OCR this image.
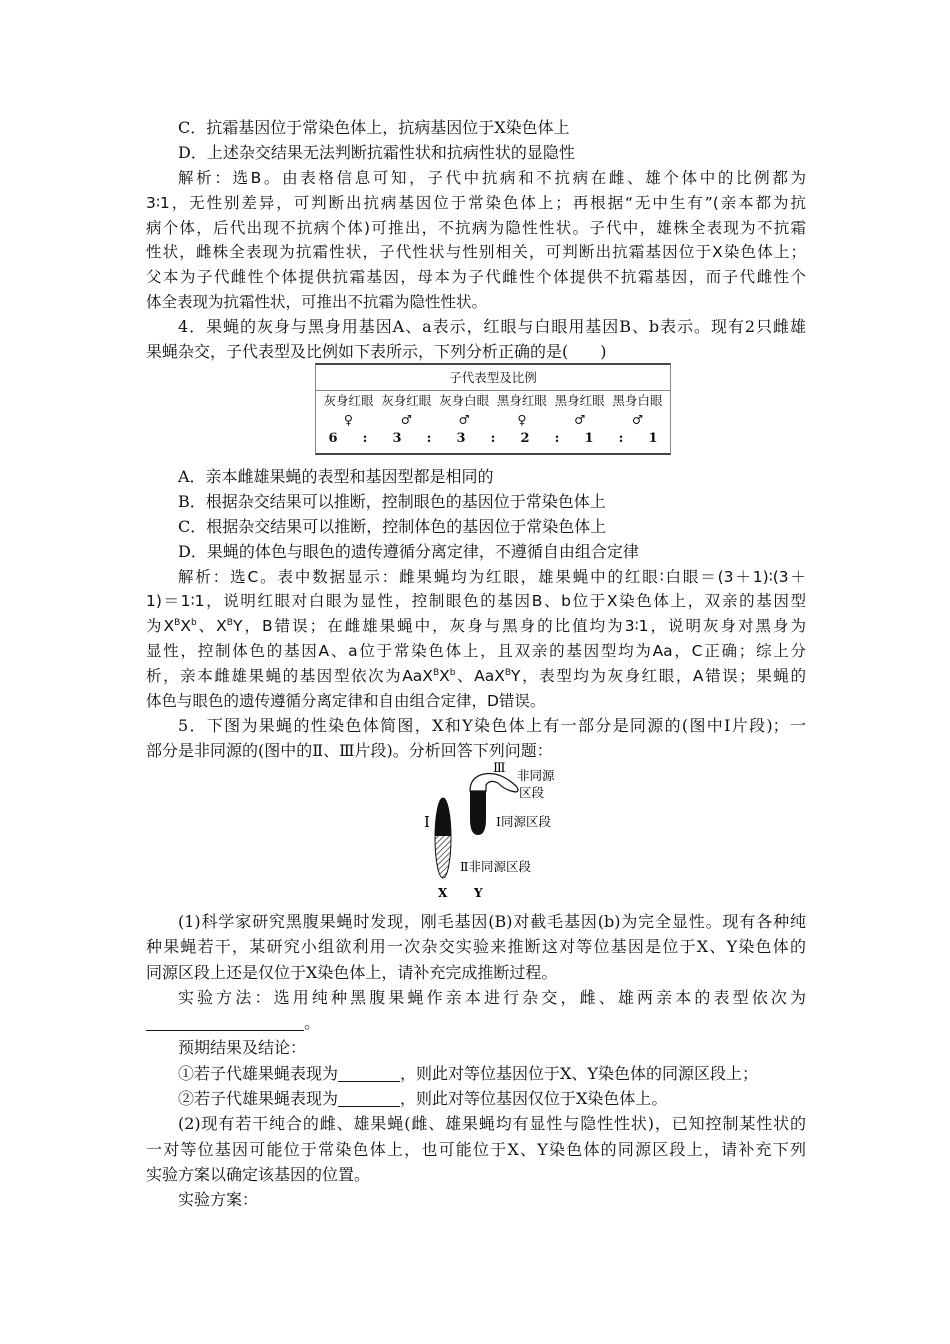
C．抗霜基因位于常染色体上，抗病基因位于X染色体上
D．上述杂交结果无法判断抗霜性状和抗病性状的显隐性
解析：选B。由表格信息可知，子代中抗病和不抗病在雌、雄个体中的比例都为
3∶1，无性别差异，可判断出抗病基因位于常染色体上；再根据“无中生有”(亲本都为抗
病个体，后代出现不抗病个体)可推出，不抗病为隐性性状。子代中，雄株全表现为不抗霜
性状，雌株全表现为抗霜性状，子代性状与性别相关，可判断出抗霜基因位于X染色体上；
父本为子代雌性个体提供抗霜基因，母本为子代雌性个体提供不抗霜基因，而子代雌性个
体全表现为抗霜性状，可推出不抗霜为隐性性状。
4．果蝇的灰身与黑身用基因A、a表示，红眼与白眼用基因B、b表示。现有2只雌雄
果蝇杂交，子代表型及比例如下表所示，下列分析正确的是(　　)
子代表型及比例
灰身红眼 灰身红眼 灰身白眼 黑身红眼 黑身红眼 黑身白眼
♀	♂	♂	♀	♂	♂
6	:	3	:	3	:	2	:	1	:	1
A．亲本雌雄果蝇的表型和基因型都是相同的
B．根据杂交结果可以推断，控制眼色的基因位于常染色体上
C．根据杂交结果可以推断，控制体色的基因位于常染色体上
D．果蝇的体色与眼色的遗传遵循分离定律，不遵循自由组合定律
解析：选C。表中数据显示：雌果蝇均为红眼，雄果蝇中的红眼∶白眼＝(3＋1)∶(3＋
1)＝1∶1，说明红眼对白眼为显性，控制眼色的基因B、b位于X染色体上，双亲的基因型
为$X^BX^b$、$X^BY$，B错误；在雌雄果蝇中，灰身与黑身的比值均为3∶1，说明灰身对黑身为
显性，控制体色的基因A、a位于常染色体上，且双亲的基因型均为Aa，C正确；综上分
析，亲本雌雄果蝇的基因型依次为$AaX^BX^b$、AaX$^B$Y，表型均为灰身红眼，A错误；果蝇的
体色与眼色的遗传遵循分离定律和自由组合定律，D错误。
5．下图为果蝇的性染色体简图，X和Y染色体上有一部分是同源的(图中Ⅰ片段)；一
部分是非同源的(图中的Ⅱ、Ⅲ片段)。分析回答下列问题：
Ⅰ
Ⅲ 非同源
区段
Ⅰ同源区段
Ⅱ非同源区段
X Y
(1)科学家研究黑腹果蝇时发现，刚毛基因(B)对截毛基因(b)为完全显性。现有各种纯
种果蝇若干，某研究小组欲利用一次杂交实验来推断这对等位基因是位于X、Y染色体的
同源区段上还是仅位于X染色体上，请补充完成推断过程。
实验方法：选用纯种黑腹果蝇作亲本进行杂交，雌、雄两亲本的表型依次为
。
预期结果及结论：
①若子代雄果蝇表现为	，则此对等位基因位于X、Y染色体的同源区段上；
②若子代雄果蝇表现为	，则此对等位基因仅位于X染色体上。
(2)现有若干纯合的雌、雄果蝇(雌、雄果蝇均有显性与隐性性状)，已知控制某性状的
一对等位基因可能位于常染色体上，也可能位于X、Y染色体的同源区段上，请补充下列
实验方案以确定该基因的位置。
实验方案：
